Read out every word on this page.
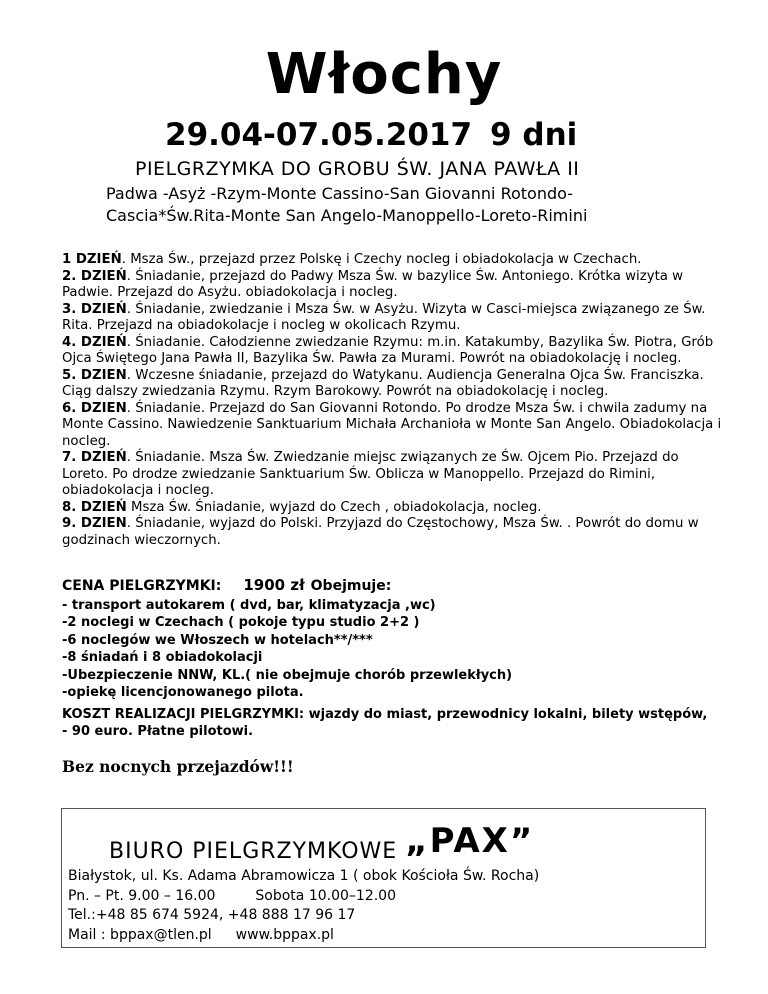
Włochy
29.04-07.05.2017 9 dni
PIELGRZYMKA DO GROBU ŚW. JANA PAWŁA II
Padwa -Asyż -Rzym-Monte Cassino-San Giovanni Rotondo-
Cascia*Św.Rita-Monte San Angelo-Manoppello-Loreto-Rimini

1 DZIEŃ. Msza Św., przejazd przez Polskę i Czechy nocleg i obiadokolacja w Czechach.

2. DZIEŃ. Śniadanie, przejazd do Padwy Msza Św. w bazylice Św. Antoniego. Krótka wizyta w Padwie. Przejazd do Asyżu. obiadokolacja i nocleg.

3. DZIEŃ. Śniadanie, zwiedzanie i Msza Św. w Asyżu. Wizyta w Casci-miejsca związanego ze Św. Rita. Przejazd na obiadokolacje i nocleg w okolicach Rzymu.

4. DZIEŃ. Śniadanie. Całodzienne zwiedzanie Rzymu: m.in. Katakumby, Bazylika Św. Piotra, Grób Ojca Świętego Jana Pawła II, Bazylika Św. Pawła za Murami. Powrót na obiadokolację i nocleg.

5. DZIEN. Wczesne śniadanie, przejazd do Watykanu. Audiencja Generalna Ojca Św. Franciszka. Ciąg dalszy zwiedzania Rzymu. Rzym Barokowy. Powrót na obiadokolację i nocleg.

6. DZIEN. Śniadanie. Przejazd do San Giovanni Rotondo. Po drodze Msza Św. i chwila zadumy na Monte Cassino. Nawiedzenie Sanktuarium Michała Archanioła w Monte San Angelo. Obiadokolacja i nocleg.

7. DZIEŃ. Śniadanie. Msza Św. Zwiedzanie miejsc związanych ze Św. Ojcem Pio. Przejazd do Loreto. Po drodze zwiedzanie Sanktuarium Św. Oblicza w Manoppello. Przejazd do Rimini, obiadokolacja i nocleg.

8. DZIEŃ Msza Św. Śniadanie, wyjazd do Czech , obiadokolacja, nocleg.

9. DZIEN. Śniadanie, wyjazd do Polski. Przyjazd do Częstochowy, Msza Św. . Powrót do domu w godzinach wieczornych.

CENA PIELGRZYMKI: 1900 zł Obejmuje:
- transport autokarem ( dvd, bar, klimatyzacja ,wc)
-2 noclegi w Czechach ( pokoje typu studio 2+2 )
-6 noclegów we Włoszech w hotelach**/***
-8 śniadań i 8 obiadokolacji
-Ubezpieczenie NNW, KL.( nie obejmuje chorób przewlekłych)
-opiekę licencjonowanego pilota.
KOSZT REALIZACJI PIELGRZYMKI: wjazdy do miast, przewodnicy lokalni, bilety wstępów,
- 90 euro. Płatne pilotowi.
Bez nocnych przejazdów!!!
BIURO PIELGRZYMKOWE „PAX”
Białystok, ul. Ks. Adama Abramowicza 1 ( obok Kościoła Św. Rocha)
Pn. – Pt. 9.00 – 16.00	Sobota 10.00–12.00
Tel.:+48 85 674 5924, +48 888 17 96 17
Mail : bppax@tlen.pl www.bppax.pl
